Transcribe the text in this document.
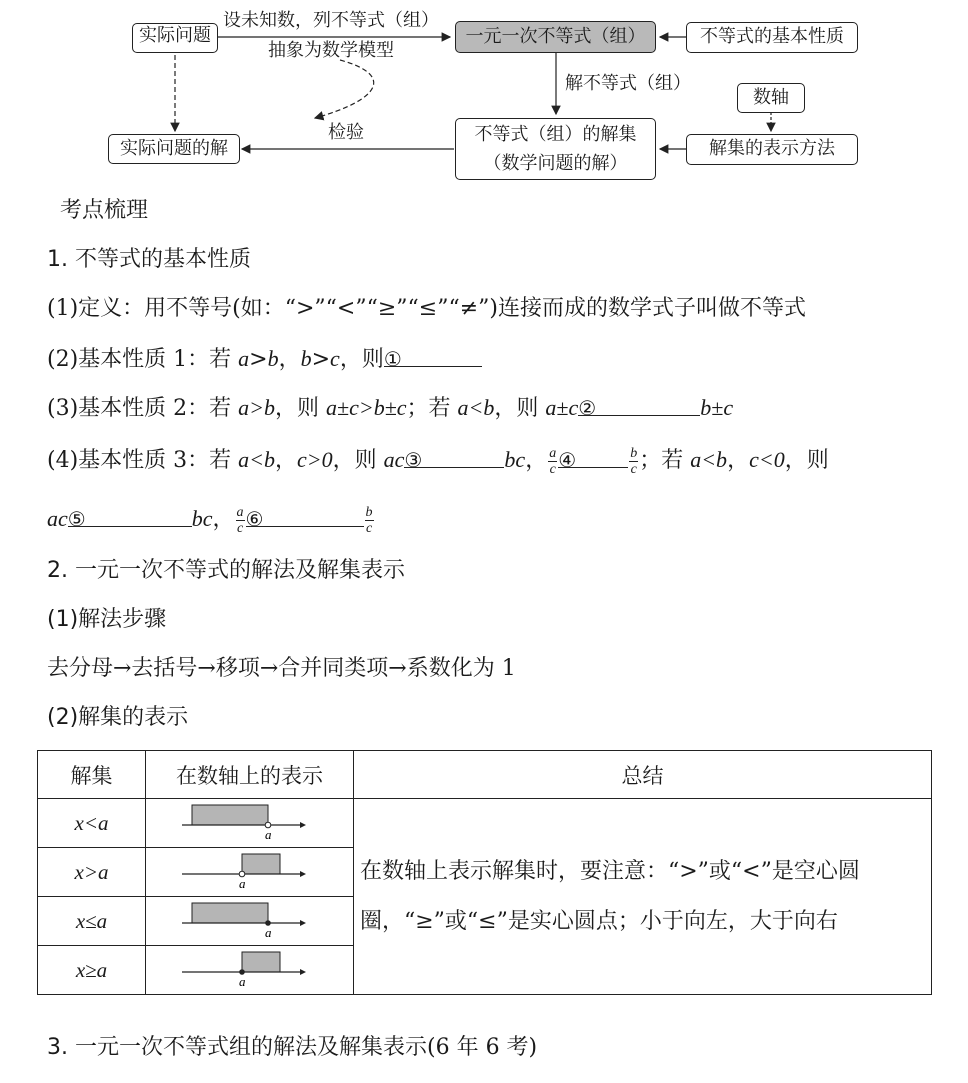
实际问题	一元一次不等式（组）	不等式的基本性质
实际问题的解
不等式（组）的解集
（数学问题的解）
数轴
解集的表示方法
设未知数，列不等式（组）
抽象为数学模型
解不等式（组）
检验
考点梳理
1. 不等式的基本性质
(1)定义：用不等号(如：“>”“<”“≥”“≤”“≠”)连接而成的数学式子叫做不等式
(2)基本性质 1：若 a>b，b>c，则①
(3)基本性质 2：若 a>b，则 a±c>b±c；若 a<b，则 a±c②	b±c
(4)基本性质 3：若 a<b，c>0，则 ac③	bc， $\frac{a}{c}$ ④	$\frac{b}{c}$ ；若 a<b，c<0，则
ac⑤	bc， $\frac{a}{c}$ ⑥	$\frac{b}{c}$
2. 一元一次不等式的解法及解集表示
(1)解法步骤
去分母→去括号→移项→合并同类项→系数化为 1
(2)解集的表示
解集	在数轴上的表示	总结
x<a	a	在数轴上表示解集时，要注意：“>”或“<”是空心圆圈，“≥”或“≤”是实心圆点；小于向左，大于向右
x>a	a	

x≤a	a	

x≥a	a	
3. 一元一次不等式组的解法及解集表示(6 年 6 考)
